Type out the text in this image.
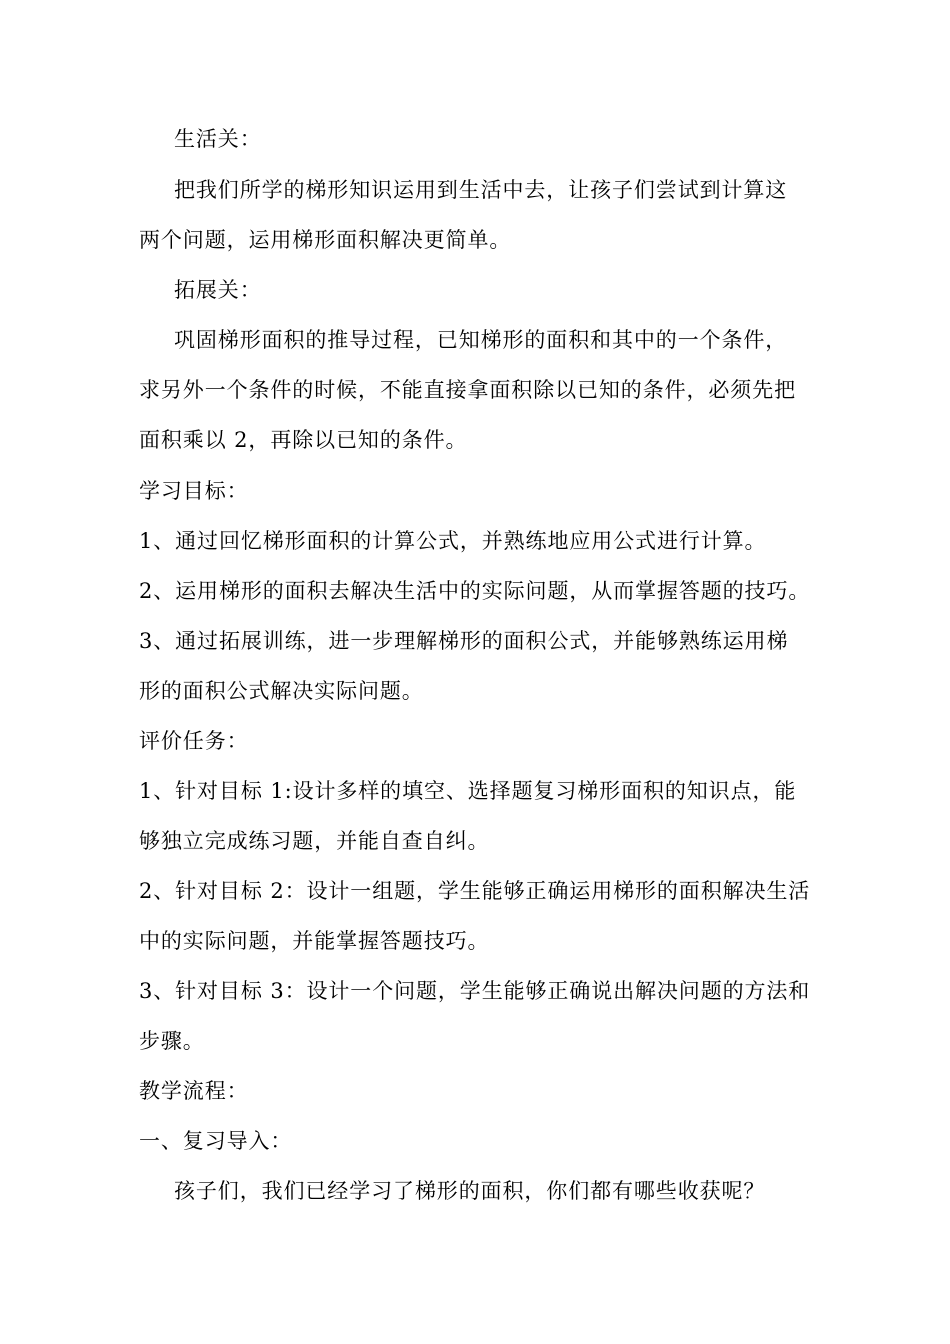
生活关：
把我们所学的梯形知识运用到生活中去，让孩子们尝试到计算这
两个问题，运用梯形面积解决更简单。
拓展关：
巩固梯形面积的推导过程，已知梯形的面积和其中的一个条件，
求另外一个条件的时候，不能直接拿面积除以已知的条件，必须先把
面积乘以 2，再除以已知的条件。
学习目标：
1、通过回忆梯形面积的计算公式，并熟练地应用公式进行计算。
2、运用梯形的面积去解决生活中的实际问题，从而掌握答题的技巧。
3、通过拓展训练，进一步理解梯形的面积公式，并能够熟练运用梯
形的面积公式解决实际问题。
评价任务：
1、针对目标 1:设计多样的填空、选择题复习梯形面积的知识点，能
够独立完成练习题，并能自查自纠。
2、针对目标 2：设计一组题，学生能够正确运用梯形的面积解决生活
中的实际问题，并能掌握答题技巧。
3、针对目标 3：设计一个问题，学生能够正确说出解决问题的方法和
步骤。
教学流程：
一、复习导入：
孩子们，我们已经学习了梯形的面积，你们都有哪些收获呢？
